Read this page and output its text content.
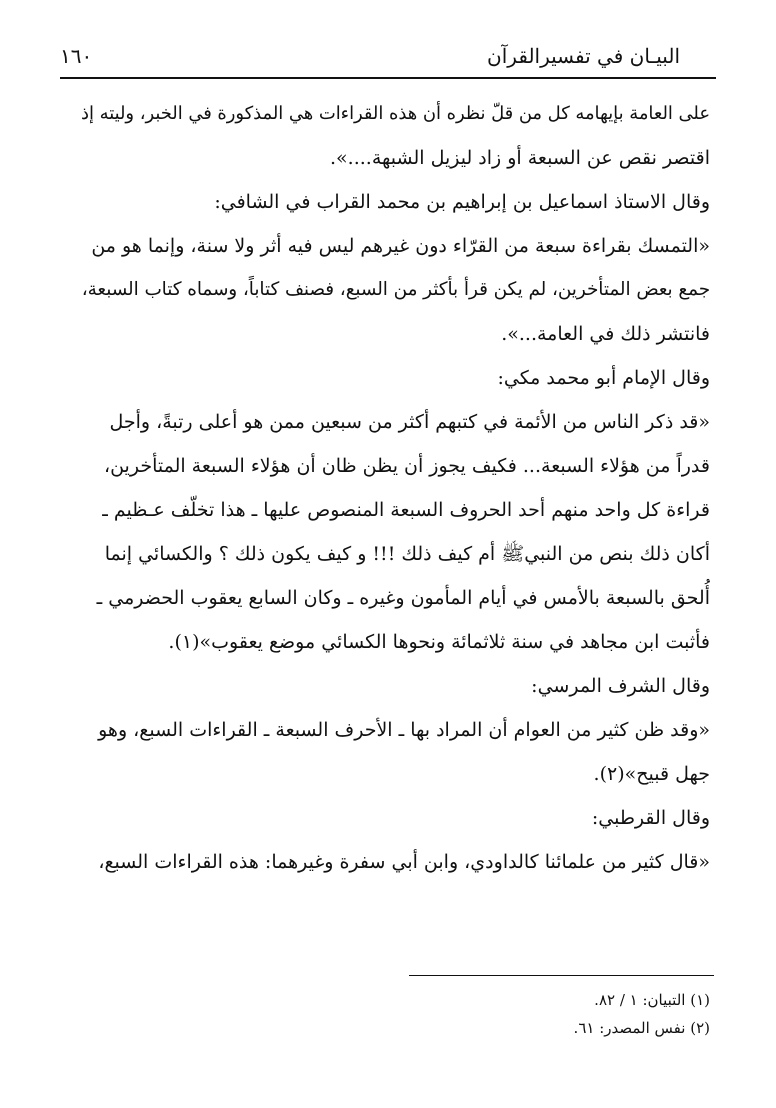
البيـان في تفسيرالقرآن
١٦٠
على العامة بإيهامه كل من قلّ نظره أن هذه القراءات هي المذكورة في الخبر، وليته إذ
اقتصر نقص عن السبعة أو زاد ليزيل الشبهة....».
وقال الاستاذ اسماعيل بن إبراهيم بن محمد القراب في الشافي:
«التمسك بقراءة سبعة من القرّاء دون غيرهم ليس فيه أثر ولا سنة، وإنما هو من
جمع بعض المتأخرين، لم يكن قرأ بأكثر من السبع، فصنف كتاباً، وسماه كتاب السبعة،
فانتشر ذلك في العامة...».
وقال الإمام أبو محمد مكي:
«قد ذكر الناس من الأئمة في كتبهم أكثر من سبعين ممن هو أعلى رتبةً، وأجل
قدراً من هؤلاء السبعة... فكيف يجوز أن يظن ظان أن هؤلاء السبعة المتأخرين،
قراءة كل واحد منهم أحد الحروف السبعة المنصوص عليها ـ هذا تخلّف عـظيم ـ
أكان ذلك بنص من النبيﷺ أم كيف ذلك !!! و كيف يكون ذلك ؟ والكسائي إنما
أُلحق بالسبعة بالأمس في أيام المأمون وغيره ـ وكان السابع يعقوب الحضرمي ـ
فأثبت ابن مجاهد في سنة ثلاثمائة ونحوها الكسائي موضع يعقوب»(١).
وقال الشرف المرسي:
«وقد ظن كثير من العوام أن المراد بها ـ الأحرف السبعة ـ القراءات السبع، وهو
جهل قبيح»(٢).
وقال القرطبي:
«قال كثير من علمائنا كالداودي، وابن أبي سفرة وغيرهما: هذه القراءات السبع،
(١) التبيان: ١ / ٨٢.
(٢) نفس المصدر: ٦١.
